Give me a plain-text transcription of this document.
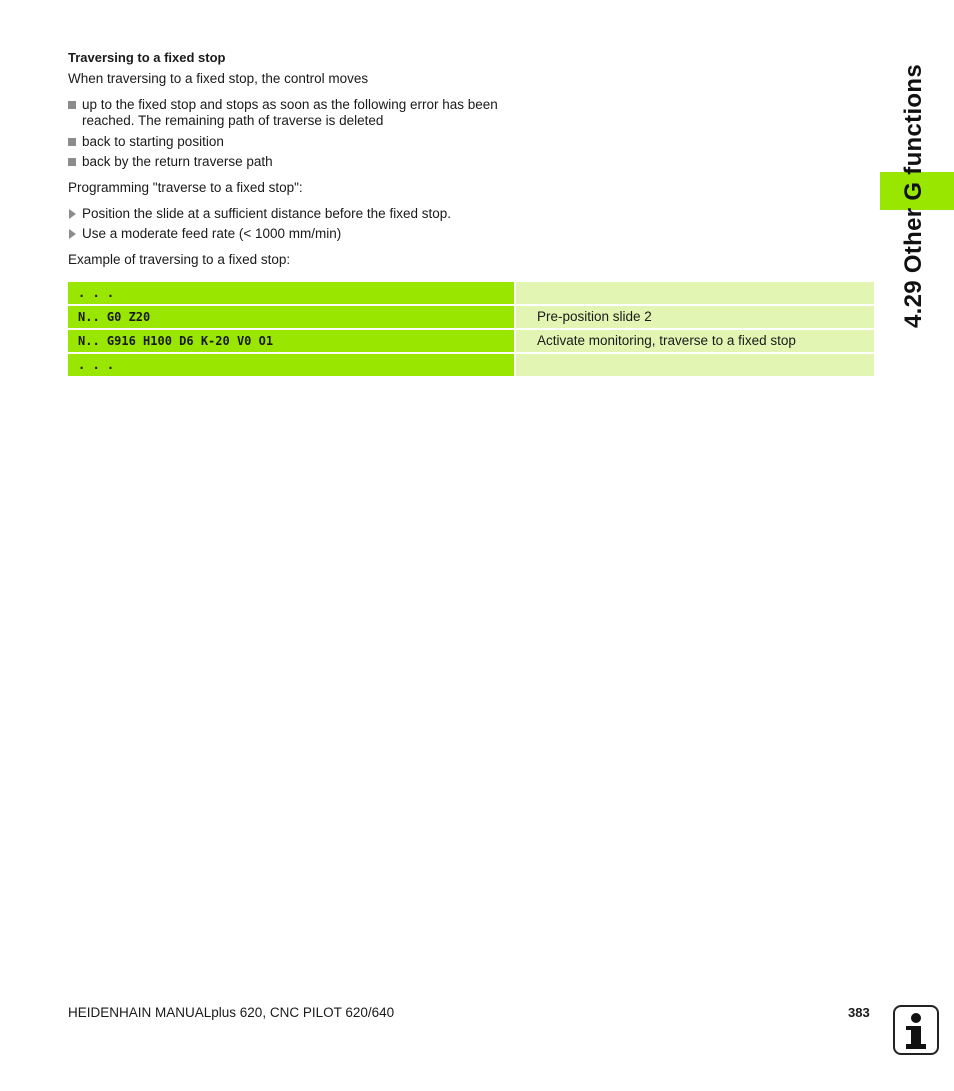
4.29 Other G functions
Traversing to a fixed stop
When traversing to a fixed stop, the control moves
up to the fixed stop and stops as soon as the following error has been reached. The remaining path of traverse is deleted
back to starting position
back by the return traverse path
Programming "traverse to a fixed stop":
Position the slide at a sufficient distance before the fixed stop.
Use a moderate feed rate (< 1000 mm/min)
Example of traversing to a fixed stop:
. . .
N.. G0 Z20	Pre-position slide 2
N.. G916 H100 D6 K-20 V0 O1	Activate monitoring, traverse to a fixed stop
. . .
HEIDENHAIN MANUALplus 620, CNC PILOT 620/640	383
